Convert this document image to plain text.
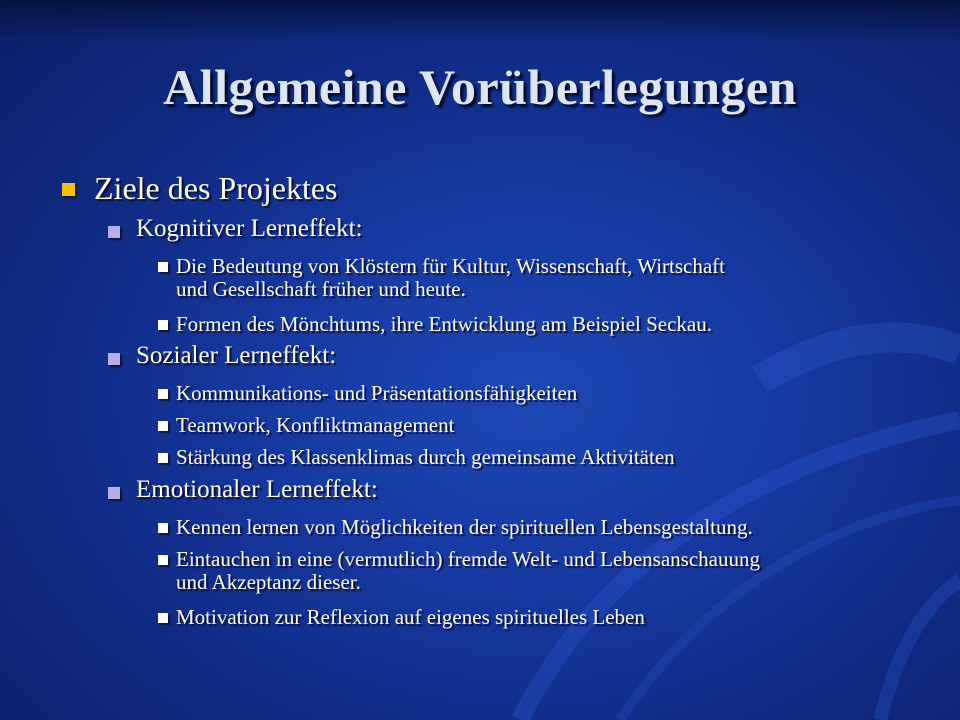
Allgemeine Vorüberlegungen
Ziele des Projektes
Kognitiver Lerneffekt:
Die Bedeutung von Klöstern für Kultur, Wissenschaft, Wirtschaft
und Gesellschaft früher und heute.
Formen des Mönchtums, ihre Entwicklung am Beispiel Seckau.
Sozialer Lerneffekt:
Kommunikations- und Präsentationsfähigkeiten
Teamwork, Konfliktmanagement
Stärkung des Klassenklimas durch gemeinsame Aktivitäten
Emotionaler Lerneffekt:
Kennen lernen von Möglichkeiten der spirituellen Lebensgestaltung.
Eintauchen in eine (vermutlich) fremde Welt- und Lebensanschauung
und Akzeptanz dieser.
Motivation zur Reflexion auf eigenes spirituelles Leben
